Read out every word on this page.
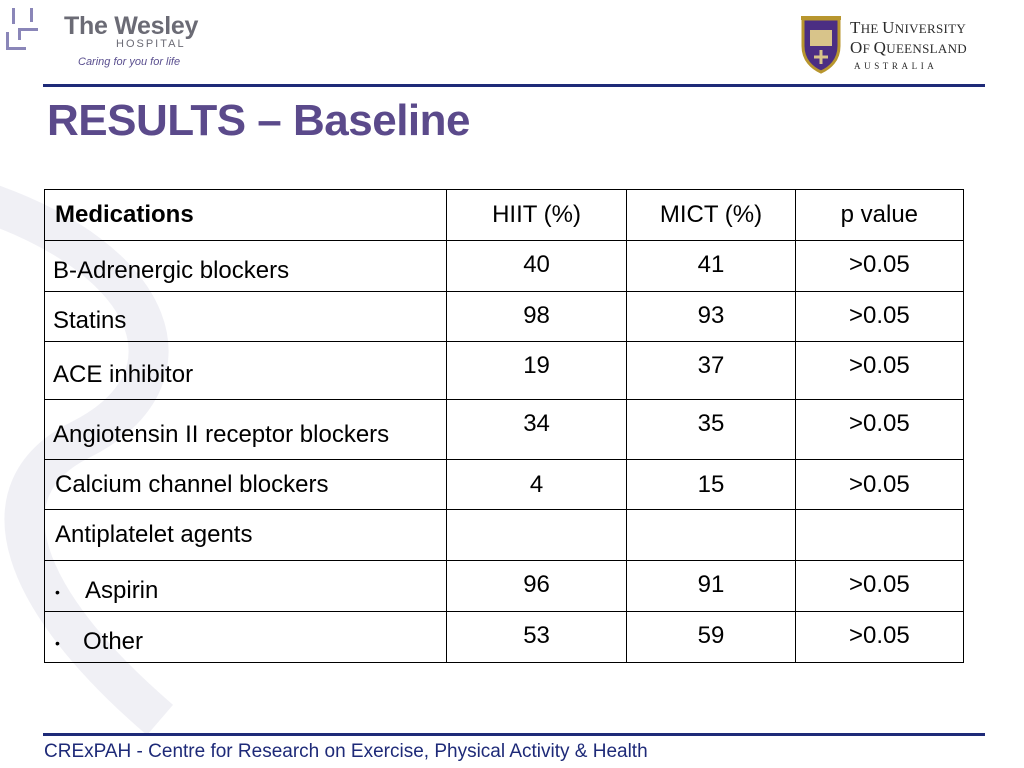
The Wesley
HOSPITAL
Caring for you for life
THE UNIVERSITY
OF QUEENSLAND
AUSTRALIA
RESULTS – Baseline
Medications	HIIT (%)	MICT (%)	p value
B-Adrenergic blockers	40	41	>0.05
Statins	98	93	>0.05
ACE inhibitor	19	37	>0.05
Angiotensin II receptor blockers	34	35	>0.05
Calcium channel blockers	4	15	>0.05
Antiplatelet agents			
• Aspirin	96	91	>0.05
• Other	53	59	>0.05
CRExPAH - Centre for Research on Exercise, Physical Activity & Health
